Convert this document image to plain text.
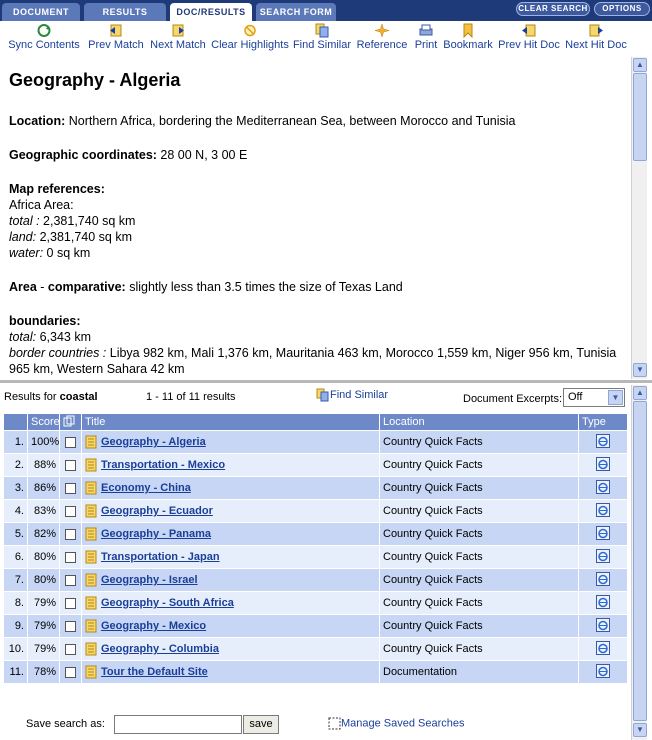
DOCUMENT	RESULTS	DOC/RESULTS	SEARCH FORM	CLEAR SEARCH	OPTIONS
Sync Contents Prev Match Next Match Clear Highlights Find Similar Reference Print Bookmark Prev Hit Doc Next Hit Doc
Geography - Algeria
Location: Northern Africa, bordering the Mediterranean Sea, between Morocco and Tunisia
Geographic coordinates: 28 00 N, 3 00 E
Map references:
Africa Area:
total : 2,381,740 sq km
land: 2,381,740 sq km
water: 0 sq km
Area - comparative: slightly less than 3.5 times the size of Texas Land
boundaries:
total: 6,343 km
border countries : Libya 982 km, Mali 1,376 km, Mauritania 463 km, Morocco 1,559 km, Niger 956 km, Tunisia 965 km, Western Sahara 42 km
▲
▼
Results for coastal	1 - 11 of 11 results	Find Similar	Document Excerpts: Off	▼
	Score		Title	Location	Type
1.	100%		Geography - Algeria	Country Quick Facts	
2.	88%		Transportation - Mexico	Country Quick Facts	
3.	86%		Economy - China	Country Quick Facts	
4.	83%		Geography - Ecuador	Country Quick Facts	
5.	82%		Geography - Panama	Country Quick Facts	
6.	80%		Transportation - Japan	Country Quick Facts	
7.	80%		Geography - Israel	Country Quick Facts	
8.	79%		Geography - South Africa	Country Quick Facts	
9.	79%		Geography - Mexico	Country Quick Facts	
10.	79%		Geography - Columbia	Country Quick Facts	
11.	78%		Tour the Default Site	Documentation	
▲
▼
Save search as:	save	Manage Saved Searches
